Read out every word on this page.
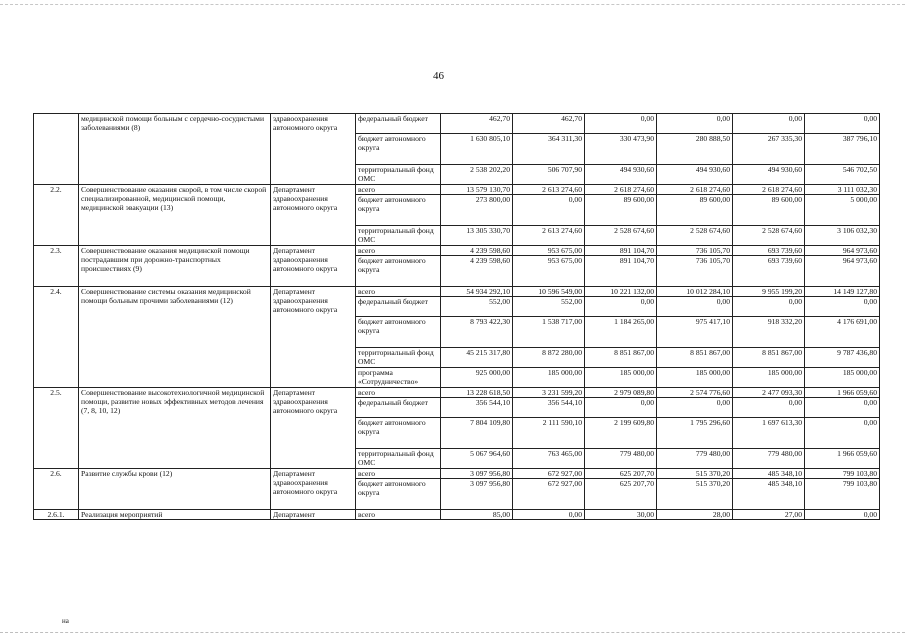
46
	медицинской помощи больным с сердечно-сосудистыми заболеваниями (8)	здравоохранения автономного округа	федеральный бюджет	462,70	462,70	0,00	0,00	0,00	0,00
			бюджет автономного округа	1 630 805,10	364 311,30	330 473,90	280 888,50	267 335,30	387 796,10
			территориальный фонд ОМС	2 538 202,20	506 707,90	494 930,60	494 930,60	494 930,60	546 702,50
2.2.	Совершенствование оказания скорой, в том числе скорой специализированной, медицинской помощи, медицинской эвакуации (13)	Департамент здравоохранения автономного округа	всего	13 579 130,70	2 613 274,60	2 618 274,60	2 618 274,60	2 618 274,60	3 111 032,30
			бюджет автономного округа	273 800,00	0,00	89 600,00	89 600,00	89 600,00	5 000,00
			территориальный фонд ОМС	13 305 330,70	2 613 274,60	2 528 674,60	2 528 674,60	2 528 674,60	3 106 032,30
2.3.	Совершенствование оказания медицинской помощи пострадавшим при дорожно-транспортных происшествиях (9)	Департамент здравоохранения автономного округа	всего	4 239 598,60	953 675,00	891 104,70	736 105,70	693 739,60	964 973,60
			бюджет автономного округа	4 239 598,60	953 675,00	891 104,70	736 105,70	693 739,60	964 973,60
2.4.	Совершенствование системы оказания медицинской помощи больным прочими заболеваниями (12)	Департамент здравоохранения автономного округа	всего	54 934 292,10	10 596 549,00	10 221 132,00	10 012 284,10	9 955 199,20	14 149 127,80
			федеральный бюджет	552,00	552,00	0,00	0,00	0,00	0,00
			бюджет автономного округа	8 793 422,30	1 538 717,00	1 184 265,00	975 417,10	918 332,20	4 176 691,00
			территориальный фонд ОМС	45 215 317,80	8 872 280,00	8 851 867,00	8 851 867,00	8 851 867,00	9 787 436,80
			программа «Сотрудничество»	925 000,00	185 000,00	185 000,00	185 000,00	185 000,00	185 000,00
2.5.	Совершенствование высокотехнологичной медицинской помощи, развитие новых эффективных методов лечения (7, 8, 10, 12)	Департамент здравоохранения автономного округа	всего	13 228 618,50	3 231 599,20	2 979 089,80	2 574 776,60	2 477 093,30	1 966 059,60
			федеральный бюджет	356 544,10	356 544,10	0,00	0,00	0,00	0,00
			бюджет автономного округа	7 804 109,80	2 111 590,10	2 199 609,80	1 795 296,60	1 697 613,30	0,00
			территориальный фонд ОМС	5 067 964,60	763 465,00	779 480,00	779 480,00	779 480,00	1 966 059,60
2.6.	Развитие службы крови (12)	Департамент здравоохранения автономного округа	всего	3 097 956,80	672 927,00	625 207,70	515 370,20	485 348,10	799 103,80
			бюджет автономного округа	3 097 956,80	672 927,00	625 207,70	515 370,20	485 348,10	799 103,80
2.6.1.	Реализация мероприятий	Департамент	всего	85,00	0,00	30,00	28,00	27,00	0,00
на
